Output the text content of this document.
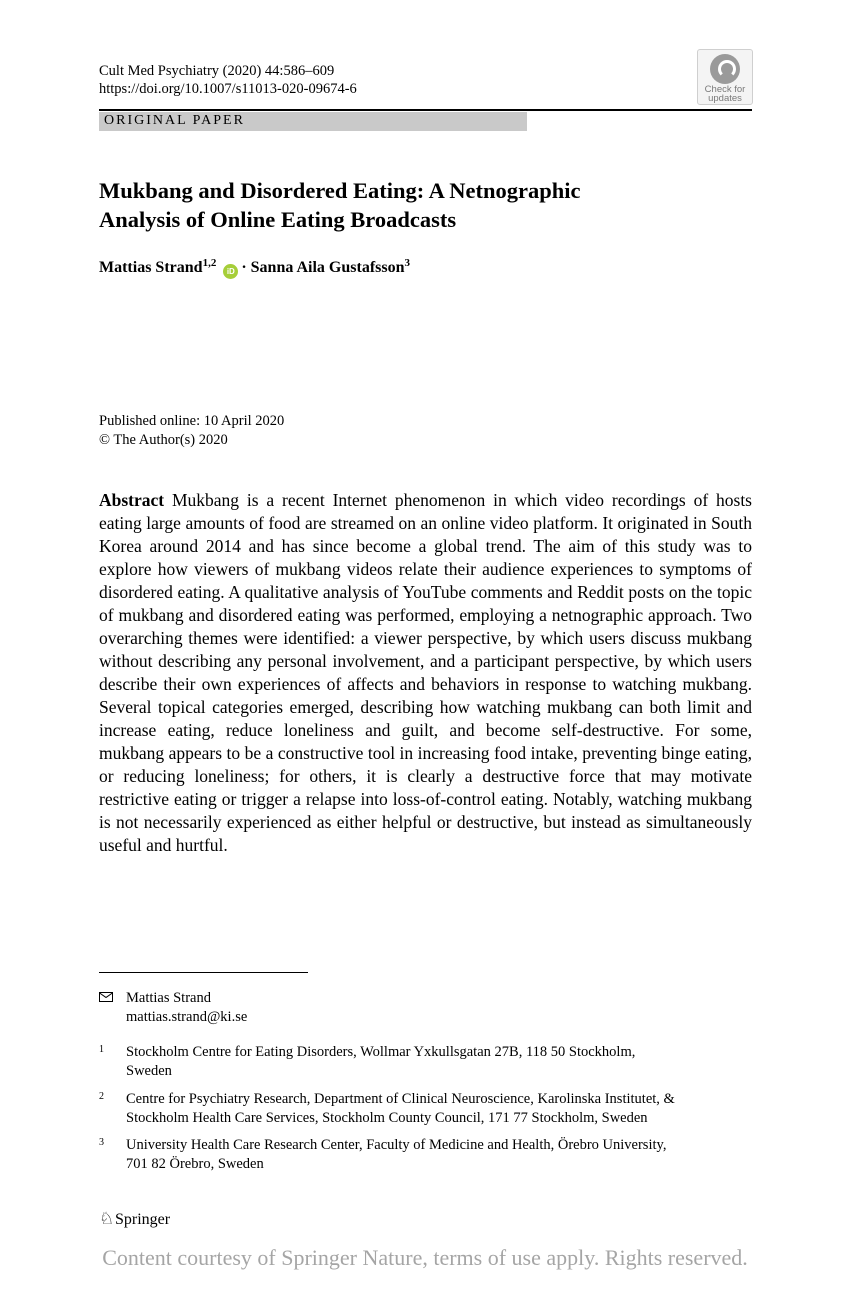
Cult Med Psychiatry (2020) 44:586–609
https://doi.org/10.1007/s11013-020-09674-6	Check for
updates
ORIGINAL PAPER
Mukbang and Disordered Eating: A Netnographic
Analysis of Online Eating Broadcasts
Mattias Strand$^{1,2}$ iD · Sanna Aila Gustafsson$^3$
Published online: 10 April 2020
© The Author(s) 2020
Abstract Mukbang is a recent Internet phenomenon in which video recordings of hosts eating large amounts of food are streamed on an online video platform. It originated in South Korea around 2014 and has since become a global trend. The aim of this study was to explore how viewers of mukbang videos relate their audience experiences to symptoms of disordered eating. A qualitative analysis of YouTube comments and Reddit posts on the topic of mukbang and disordered eating was performed, employing a netnographic approach. Two overarching themes were identified: a viewer perspective, by which users discuss mukbang without describing any personal involvement, and a participant perspective, by which users describe their own experiences of affects and behaviors in response to watching mukbang. Several topical categories emerged, describing how watching mukbang can both limit and increase eating, reduce loneliness and guilt, and become self-destructive. For some, mukbang appears to be a constructive tool in increasing food intake, preventing binge eating, or reducing loneliness; for others, it is clearly a destructive force that may motivate restrictive eating or trigger a relapse into loss-of-control eating. Notably, watching mukbang is not necessarily experienced as either helpful or destructive, but instead as simultaneously useful and hurtful.
Mattias Strand
mattias.strand@ki.se
1 Stockholm Centre for Eating Disorders, Wollmar Yxkullsgatan 27B, 118 50 Stockholm,
Sweden
2 Centre for Psychiatry Research, Department of Clinical Neuroscience, Karolinska Institutet, &
Stockholm Health Care Services, Stockholm County Council, 171 77 Stockholm, Sweden
3 University Health Care Research Center, Faculty of Medicine and Health, Örebro University,
701 82 Örebro, Sweden
♘Springer
Content courtesy of Springer Nature, terms of use apply. Rights reserved.
